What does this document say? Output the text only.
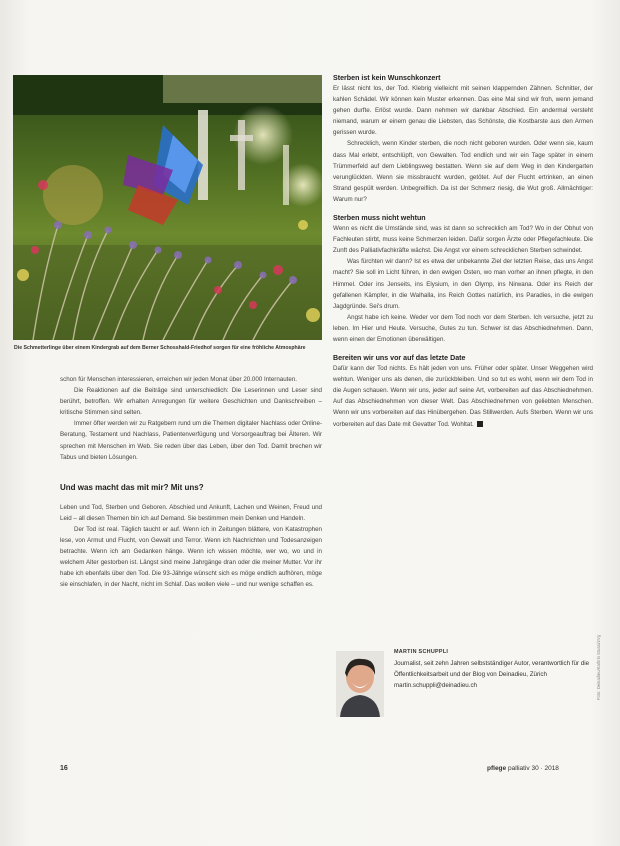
Die Schmetterlinge über einem Kindergrab auf dem Berner Schosshald-Friedhof sorgen für eine fröhliche Atmosphäre

schon für Menschen interessieren, erreichen wir jeden Monat über 20.000 Internauten.

Die Reaktionen auf die Beiträge sind unterschiedlich: Die Leserinnen und Leser sind berührt, betroffen. Wir erhalten Anregungen für weitere Geschichten und Dankschreiben – kritische Stimmen sind selten.

Immer öfter werden wir zu Ratgebern rund um die Themen digitaler Nachlass oder Online-Beratung, Testament und Nachlass, Patientenverfügung und Vorsorgeauftrag bei Älteren. Wir sprechen mit Menschen im Web. Sie reden über das Leben, über den Tod. Damit brechen wir Tabus und bieten Lösungen.

Und was macht das mit mir? Mit uns?

Leben und Tod, Sterben und Geboren. Abschied und Ankunft, Lachen und Weinen, Freud und Leid – all diesen Themen bin ich auf Demand. Sie bestimmen mein Denken und Handeln.

Der Tod ist real. Täglich taucht er auf. Wenn ich in Zeitungen blättere, von Katastrophen lese, von Armut und Flucht, von Gewalt und Terror. Wenn ich Nachrichten und Todesanzeigen betrachte. Wenn ich am Gedanken hänge. Wenn ich wissen möchte, wer wo, wo und in welchem Alter gestorben ist. Längst sind meine Jahrgänge dran oder die meiner Mutter. Vor ihr habe ich ebenfalls über den Tod. Die 93-Jährige wünscht sich es möge endlich aufhören, möge sie einschlafen, in der Nacht, nicht im Schlaf. Das wollen viele – und nur wenige schaffen es.

Sterben ist kein Wunschkonzert

Er lässt nicht los, der Tod. Klebrig vielleicht mit seinen klappernden Zähnen. Schnitter, der kahlen Schädel. Wir können kein Muster erkennen. Das eine Mal sind wir froh, wenn jemand gehen durfte. Erlöst wurde. Dann nehmen wir dankbar Abschied. Ein andermal versteht niemand, warum er einem genau die Liebsten, das Schönste, die Kostbarste aus den Armen gerissen wurde.

Schrecklich, wenn Kinder sterben, die noch nicht geboren wurden. Oder wenn sie, kaum dass Mal erlebt, entschlüpft, von Gewalten. Tod endlich und wir ein Tage später in einem Trümmerfeld auf dem Lieblingsweg bestatten. Wenn sie auf dem Weg in den Kindergarten verunglückten. Wenn sie missbraucht wurden, getötet. Auf der Flucht ertrinken, an einen Strand gespült werden. Unbegreiflich. Da ist der Schmerz riesig, die Wut groß. Allmächtiger: Warum nur?

Sterben muss nicht wehtun

Wenn es nicht die Umstände sind, was ist dann so schrecklich am Tod? Wo in der Obhut von Fachleuten stirbt, muss keine Schmerzen leiden. Dafür sorgen Ärzte oder Pflegefachleute. Die Zunft des Palliativfachkräfte wächst. Die Angst vor einem schrecklichen Sterben schwindet.

Was fürchten wir dann? Ist es etwa der unbekannte Ziel der letzten Reise, das uns Angst macht? Sie soll im Licht führen, in den ewigen Osten, wo man vorher an ihnen pflegte, in den Himmel. Oder ins Jenseits, ins Elysium, in den Olymp, ins Nirwana. Oder ins Reich der gefallenen Kämpfer, in die Walhalla, ins Reich Gottes natürlich, ins Paradies, in die ewigen Jagdgründe. Sei's drum.

Angst habe ich keine. Weder vor dem Tod noch vor dem Sterben. Ich versuche, jetzt zu leben. Im Hier und Heute. Versuche, Gutes zu tun. Schwer ist das Abschiednehmen. Dann, wenn einen der Emotionen überwältigen.

Bereiten wir uns vor auf das letzte Date

Dafür kann der Tod nichts. Es hält jeden von uns. Früher oder später. Unser Weggehen wird wehtun. Weniger uns als denen, die zurückbleiben. Und so tut es wohl, wenn wir dem Tod in die Augen schauen. Wenn wir uns, jeder auf seine Art, vorbereiten auf das Abschiednehmen. Auf das Abschiednehmen von dieser Welt. Das Abschiednehmen von geliebten Menschen. Wenn wir uns vorbereiten auf das Hinübergehen. Das Stillwerden. Aufs Sterben. Wenn wir uns vorbereiten auf das Date mit Gevatter Tod. Wohltat.

MARTIN SCHUPPLI
Journalist, seit zehn Jahren selbstständiger Autor, verantwortlich für die Öffentlichkeitsarbeit und der Blog von Deinadieu, Zürich
martin.schuppli@deinadieu.ch	Foto: Deinadieu/Kathrin Stussi/zVg
16	pflege palliativ 30 · 2018
